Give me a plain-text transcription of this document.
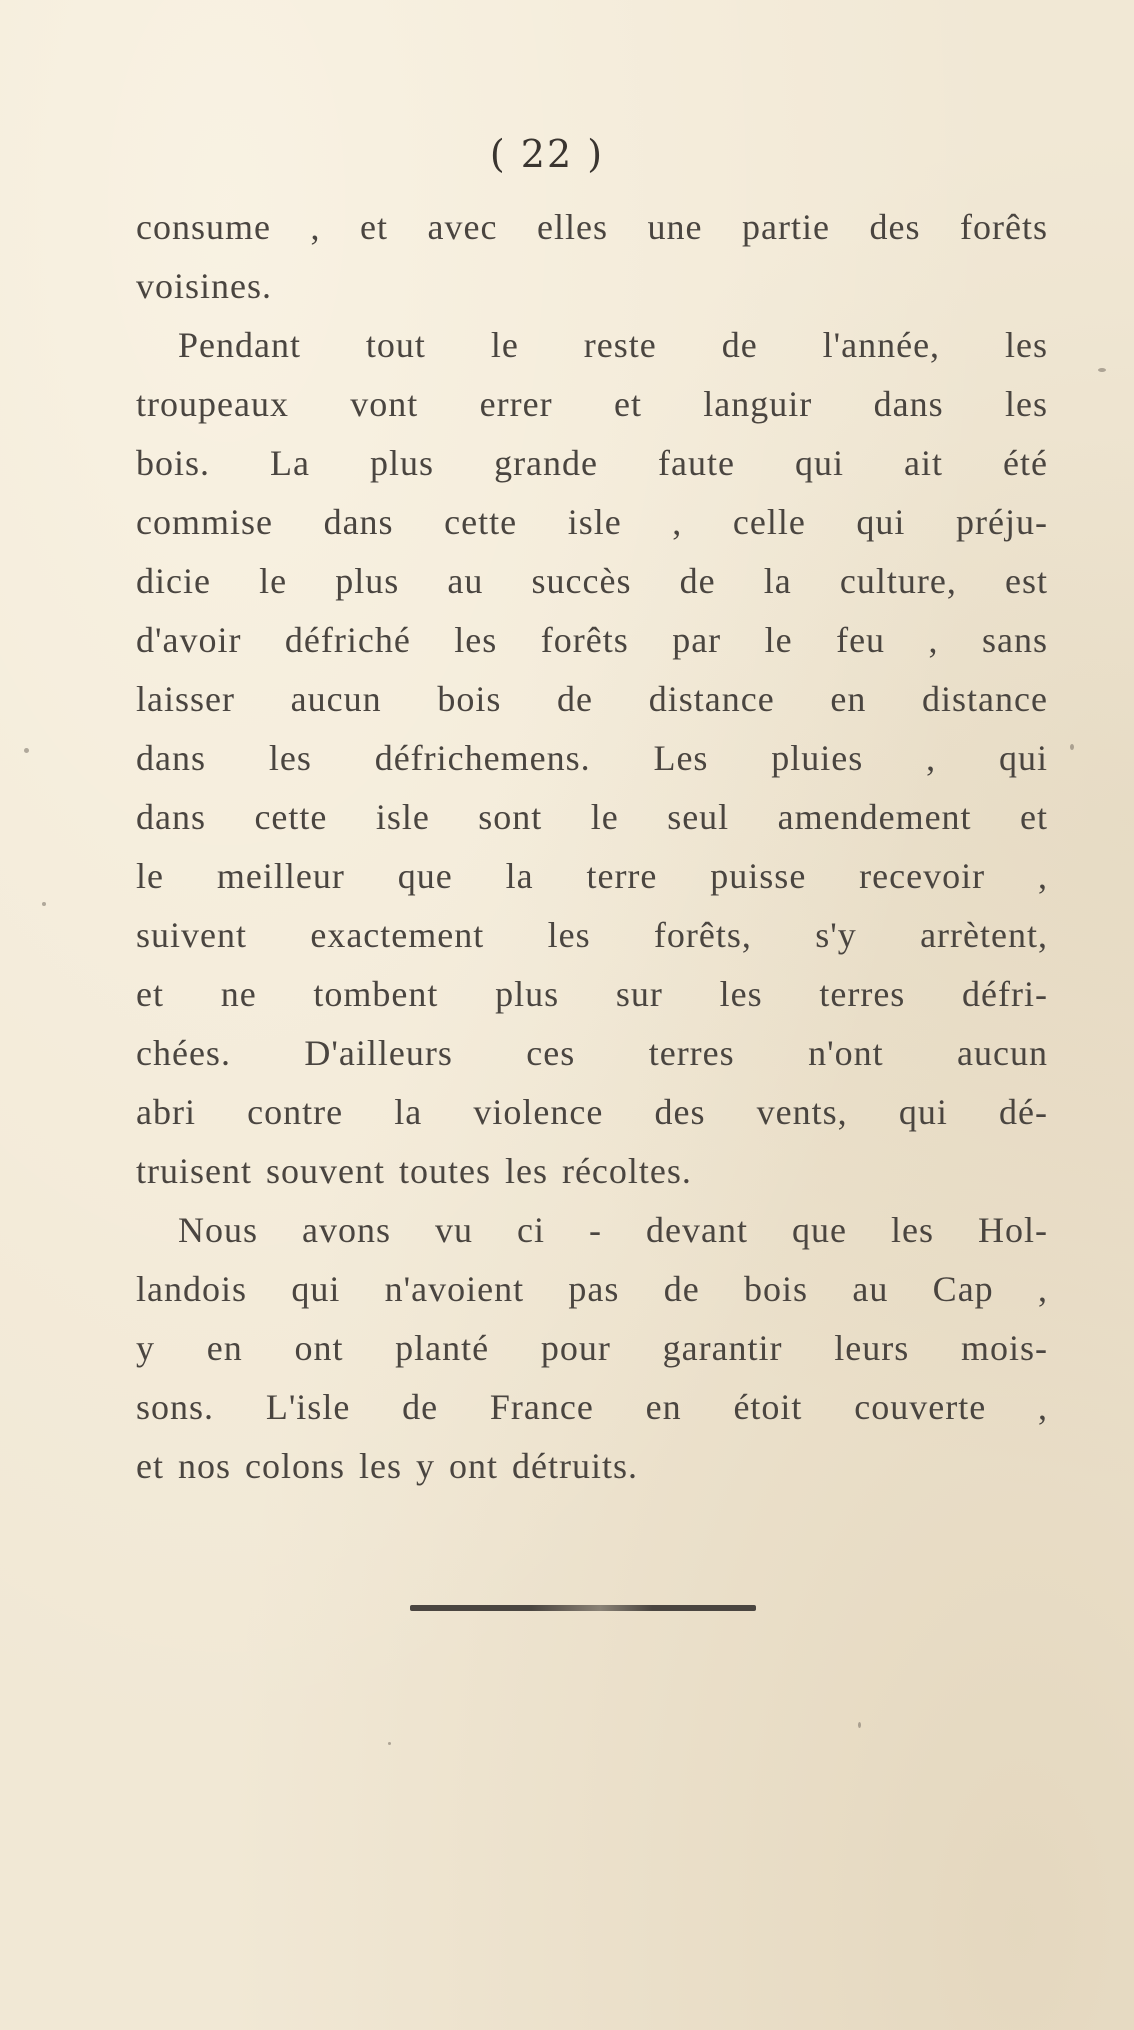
( 22 )
consume , et avec elles une partie des forêts
voisines.
Pendant tout le reste de l'année, les
troupeaux vont errer et languir dans les
bois. La plus grande faute qui ait été
commise dans cette isle , celle qui préju-
dicie le plus au succès de la culture, est
d'avoir défriché les forêts par le feu , sans
laisser aucun bois de distance en distance
dans les défrichemens. Les pluies , qui
dans cette isle sont le seul amendement et
le meilleur que la terre puisse recevoir ,
suivent exactement les forêts, s'y arrètent,
et ne tombent plus sur les terres défri-
chées. D'ailleurs ces terres n'ont aucun
abri contre la violence des vents, qui dé-
truisent souvent toutes les récoltes.
Nous avons vu ci - devant que les Hol-
landois qui n'avoient pas de bois au Cap ,
y en ont planté pour garantir leurs mois-
sons. L'isle de France en étoit couverte ,
et nos colons les y ont détruits.
